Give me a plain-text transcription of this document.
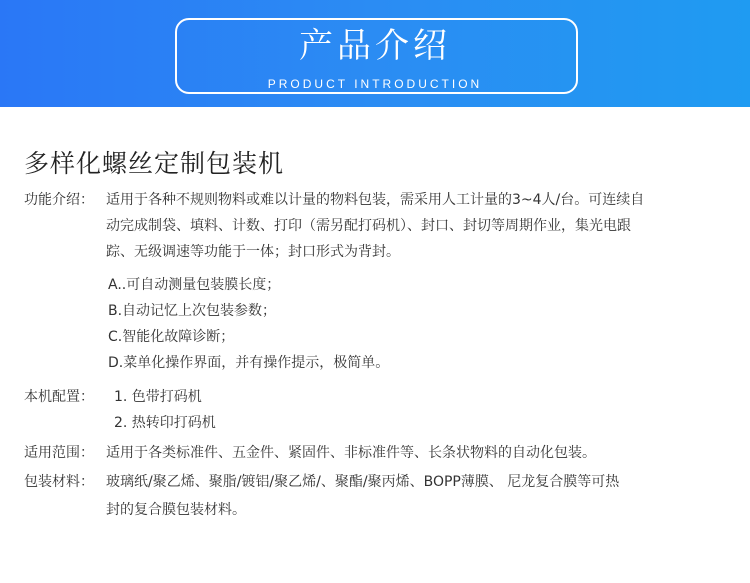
产品介绍
PRODUCT INTRODUCTION
多样化螺丝定制包装机
功能介绍： 适用于各种不规则物料或难以计量的物料包装，需采用人工计量的3~4人/台。可连续自
动完成制袋、填料、计数、打印（需另配打码机）、封口、封切等周期作业，集光电跟
踪、无级调速等功能于一体；封口形式为背封。
A..可自动测量包装膜长度；
B.自动记忆上次包装参数；
C.智能化故障诊断；
D.菜单化操作界面，并有操作提示，极简单。
本机配置： 1. 色带打码机
2. 热转印打码机
适用范围： 适用于各类标准件、五金件、紧固件、非标准件等、长条状物料的自动化包装。
包装材料： 玻璃纸/聚乙烯、聚脂/镀铝/聚乙烯/、聚酯/聚丙烯、BOPP薄膜、 尼龙复合膜等可热
封的复合膜包装材料。
